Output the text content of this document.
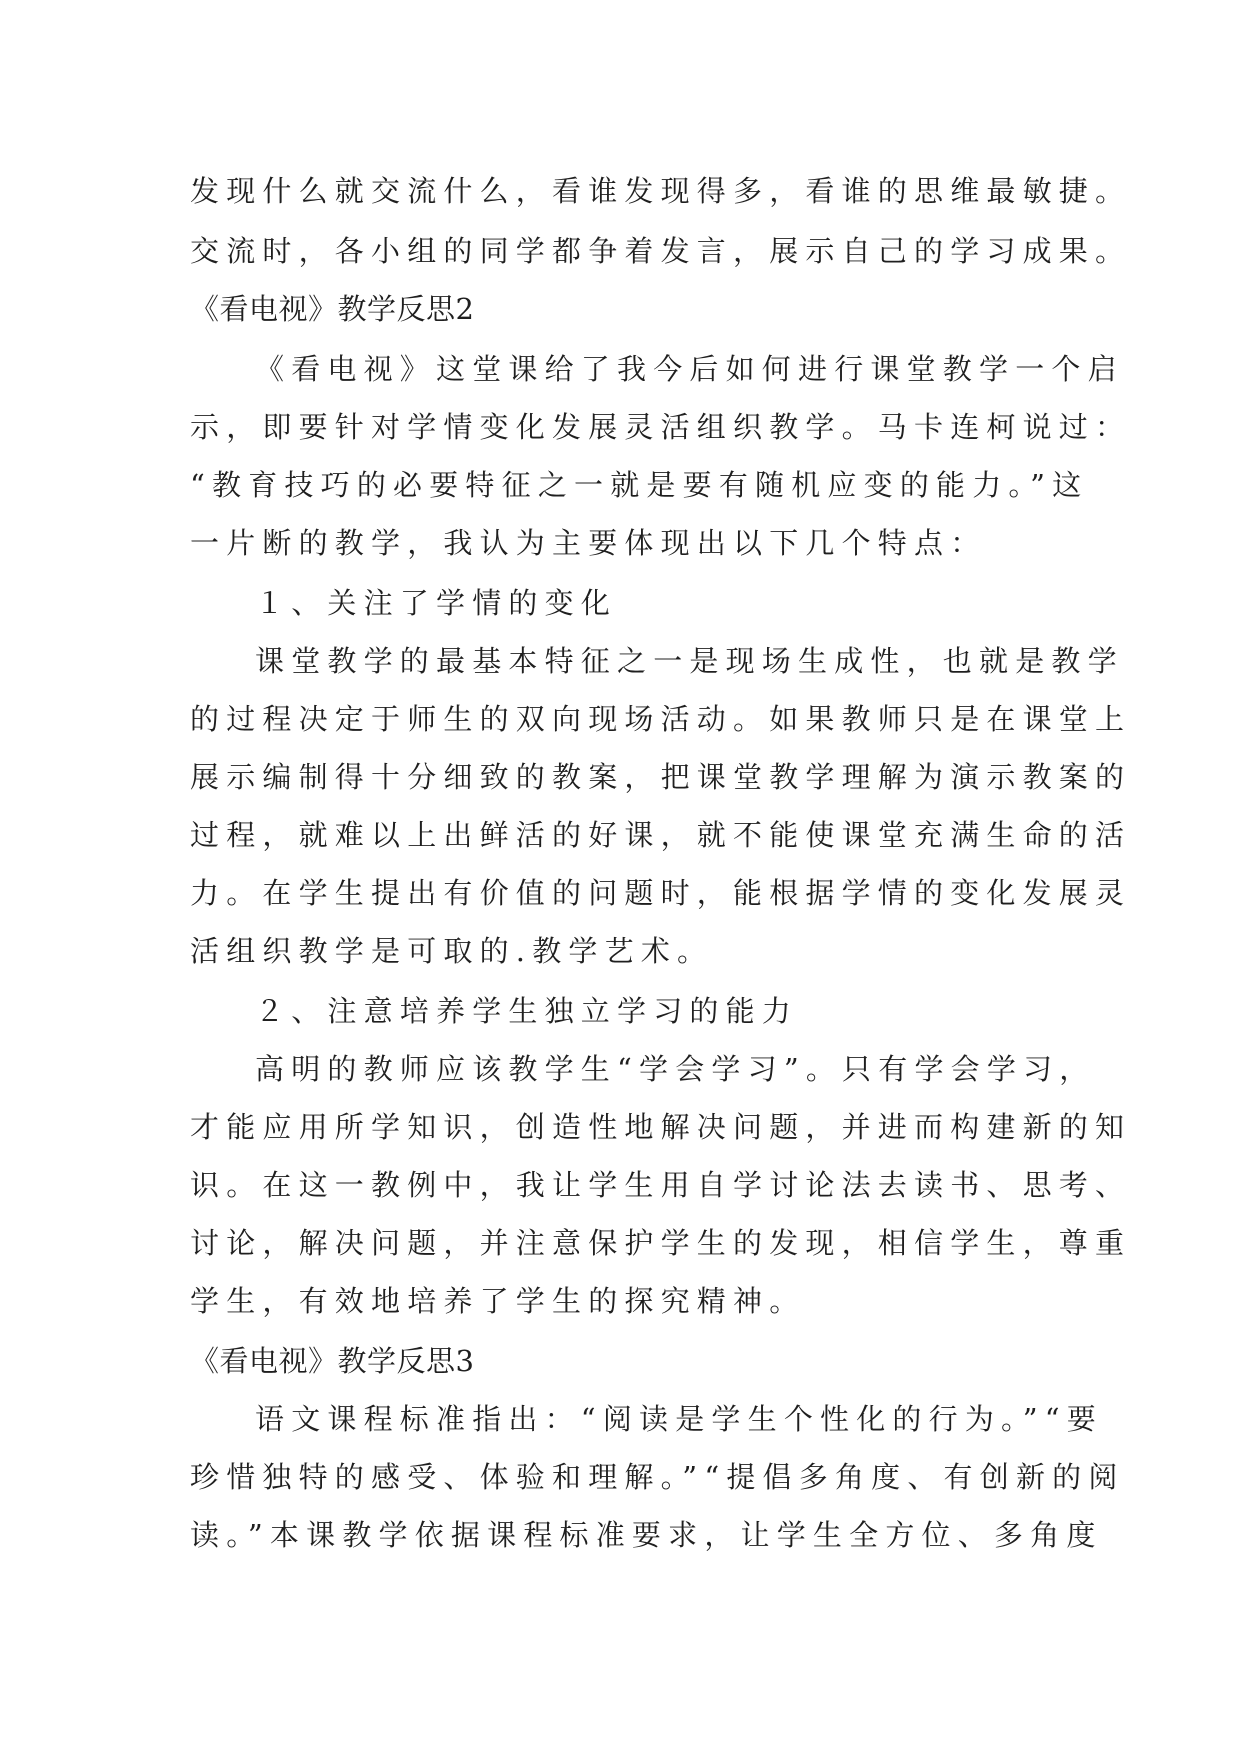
发现什么就交流什么，看谁发现得多，看谁的思维最敏捷。

交流时，各小组的同学都争着发言，展示自己的学习成果。

《看电视》教学反思2

《看电视》这堂课给了我今后如何进行课堂教学一个启

示，即要针对学情变化发展灵活组织教学。马卡连柯说过：

“教育技巧的必要特征之一就是要有随机应变的能力。”这

一片断的教学，我认为主要体现出以下几个特点：

１、关注了学情的变化

课堂教学的最基本特征之一是现场生成性，也就是教学

的过程决定于师生的双向现场活动。如果教师只是在课堂上

展示编制得十分细致的教案，把课堂教学理解为演示教案的

过程，就难以上出鲜活的好课，就不能使课堂充满生命的活

力。在学生提出有价值的问题时，能根据学情的变化发展灵

活组织教学是可取的.教学艺术。

２、注意培养学生独立学习的能力

高明的教师应该教学生“学会学习”。只有学会学习，

才能应用所学知识，创造性地解决问题，并进而构建新的知

识。在这一教例中，我让学生用自学讨论法去读书、思考、

讨论，解决问题，并注意保护学生的发现，相信学生，尊重

学生，有效地培养了学生的探究精神。

《看电视》教学反思3

语文课程标准指出：“阅读是学生个性化的行为。”“要

珍惜独特的感受、体验和理解。”“提倡多角度、有创新的阅

读。”本课教学依据课程标准要求，让学生全方位、多角度
